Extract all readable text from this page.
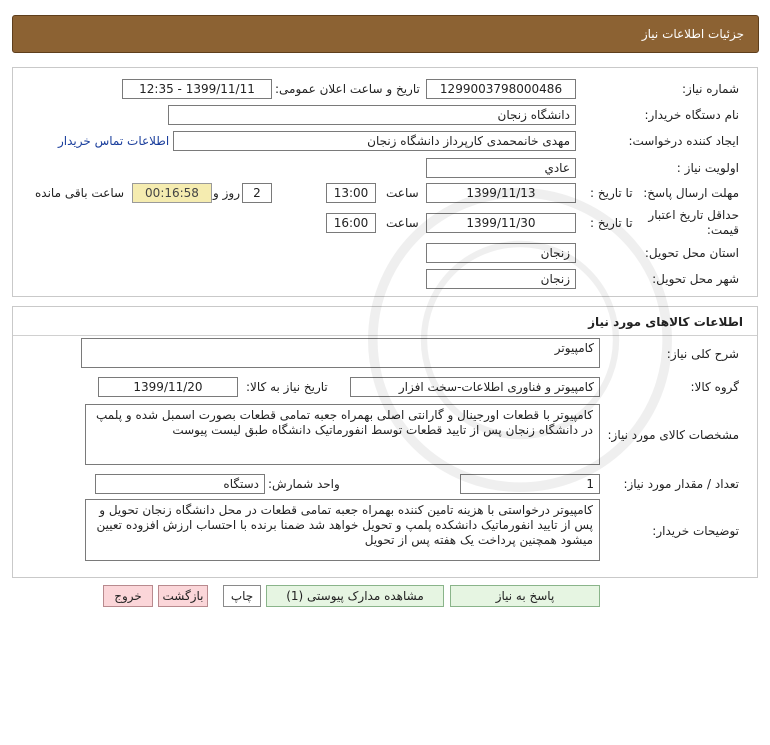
جزئیات اطلاعات نیاز
شماره نیاز:
1299003798000486
تاریخ و ساعت اعلان عمومی:
1399/11/11 - 12:35
نام دستگاه خریدار:
دانشگاه زنجان
ایجاد کننده درخواست:
مهدی خانمحمدی کارپرداز دانشگاه زنجان
اطلاعات تماس خریدار
اولویت نیاز :
عادي
مهلت ارسال پاسخ:
تا تاریخ :
1399/11/13
ساعت
13:00
2
روز و
00:16:58
ساعت باقی مانده
حداقل تاریخ اعتبار
قیمت:
تا تاریخ :
1399/11/30
ساعت
16:00
استان محل تحویل:
زنجان
شهر محل تحویل:
زنجان
اطلاعات کالاهای مورد نیاز
شرح کلی نیاز:
کامپیوتر
گروه کالا:
کامپیوتر و فناوری اطلاعات-سخت افزار
تاریخ نیاز به کالا:
1399/11/20
مشخصات کالای مورد نیاز:
کامپیوتر با قطعات اورجینال و گارانتی اصلی بهمراه جعبه تمامی قطعات بصورت اسمبل شده و پلمپ در دانشگاه زنجان پس از تایید قطعات توسط انفورماتیک دانشگاه طبق لیست پیوست
تعداد / مقدار مورد نیاز:
1
واحد شمارش:
دستگاه
توضیحات خریدار:
کامپیوتر درخواستی با هزینه تامین کننده بهمراه جعبه تمامی قطعات در محل دانشگاه زنجان تحویل و پس از تایید انفورماتیک دانشکده پلمپ و تحویل خواهد شد ضمنا برنده با احتساب ارزش افزوده تعیین میشود همچنین پرداخت یک هفته پس از تحویل
پاسخ به نیاز
مشاهده مدارک پیوستی (1)
چاپ
بازگشت
خروج
